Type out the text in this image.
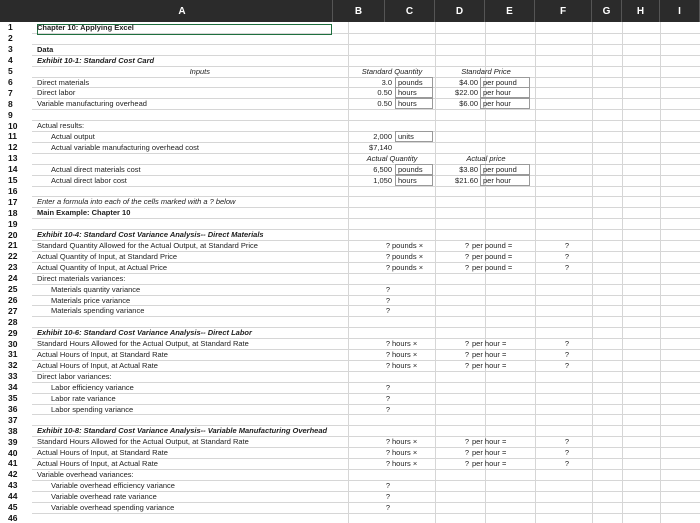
A	B	C	D	E	F	G	H	I
1
2
3
4
5
6
7
8
9
10
11
12
13
14
15
16
17
18
19
20
21
22
23
24
25
26
27
28
29
30
31
32
33
34
35
36
37
38
39
40
41
42
43
44
45
46
Chapter 10: Applying Excel
Data
Exhibit 10-1: Standard Cost Card
Inputs	Standard Quantity	Standard Price
Direct materials	3.0 pounds	$4.00 per pound
Direct labor	0.50 hours	$22.00 per hour
Variable manufacturing overhead	0.50 hours	$6.00 per hour
Actual results:
Actual output	2,000 units
Actual variable manufacturing overhead cost	$7,140
Actual Quantity	Actual price
Actual direct materials cost	6,500 pounds	$3.80 per pound
Actual direct labor cost	1,050 hours	$21.60 per hour
Enter a formula into each of the cells marked with a ? below
Main Example: Chapter 10
Exhibit 10-4: Standard Cost Variance Analysis-- Direct Materials
Standard Quantity Allowed for the Actual Output, at Standard Price	? pounds ×	? per pound =	?
Actual Quantity of Input, at Standard Price	? pounds ×	? per pound =	?
Actual Quantity of Input, at Actual Price	? pounds ×	? per pound =	?
Direct materials variances:
Materials quantity variance	?
Materials price variance	?
Materials spending variance	?
Exhibit 10-6: Standard Cost Variance Analysis-- Direct Labor
Standard Hours Allowed for the Actual Output, at Standard Rate	? hours ×	? per hour =	?
Actual Hours of Input, at Standard Rate	? hours ×	? per hour =	?
Actual Hours of Input, at Actual Rate	? hours ×	? per hour =	?
Direct labor variances:
Labor efficiency variance	?
Labor rate variance	?
Labor spending variance	?
Exhibit 10-8: Standard Cost Variance Analysis-- Variable Manufacturing Overhead
Standard Hours Allowed for the Actual Output, at Standard Rate	? hours ×	? per hour =	?
Actual Hours of Input, at Standard Rate	? hours ×	? per hour =	?
Actual Hours of Input, at Actual Rate	? hours ×	? per hour =	?
Variable overhead variances:
Variable overhead efficiency variance	?
Variable overhead rate variance	?
Variable overhead spending variance	?
